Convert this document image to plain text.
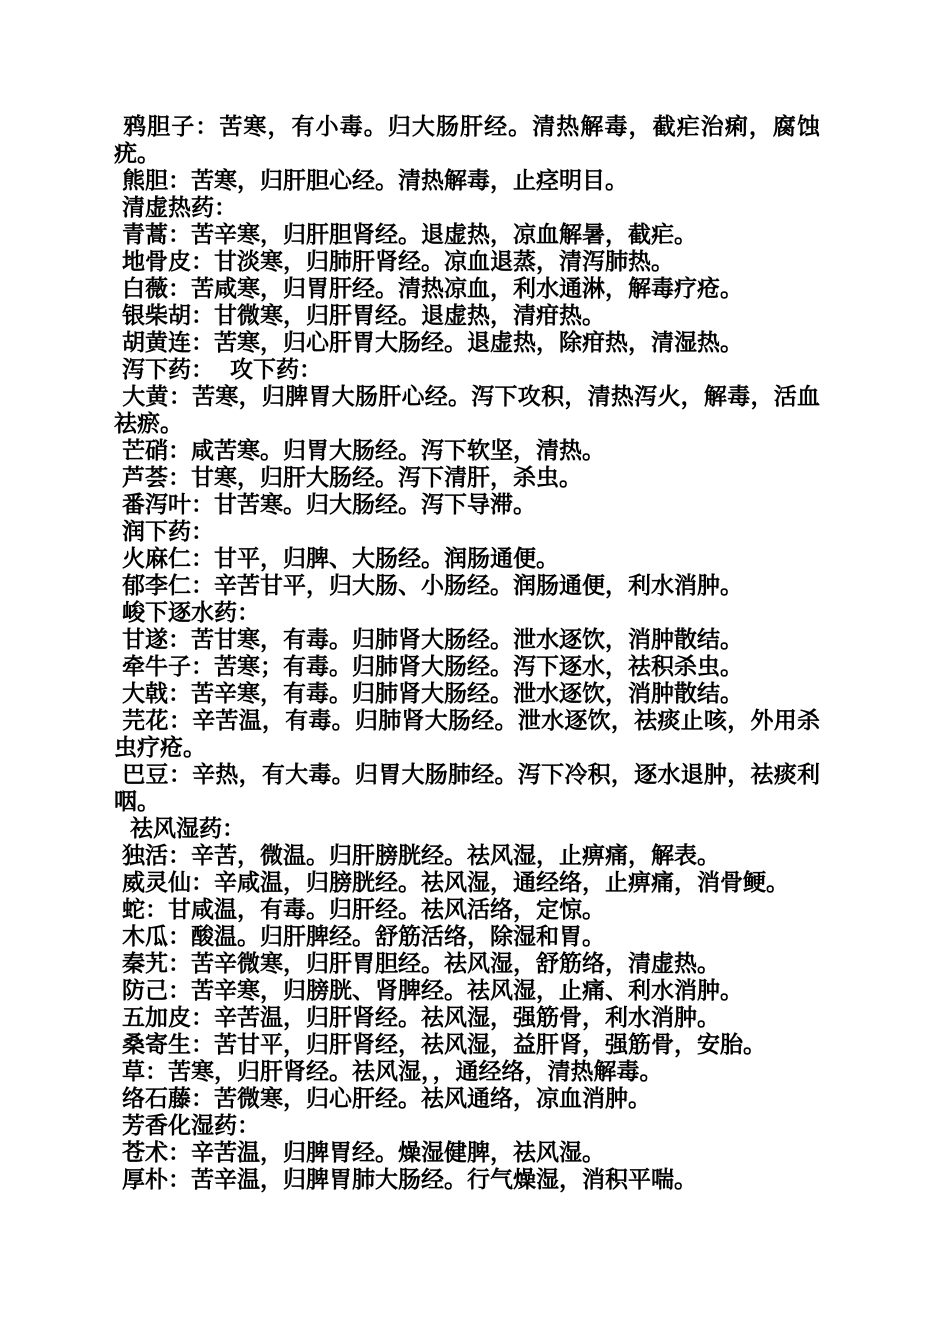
鸦胆子：苦寒，有小毒。归大肠肝经。清热解毒，截疟治痢，腐蚀疣。

熊胆：苦寒，归肝胆心经。清热解毒，止痉明目。

清虚热药：

青蒿：苦辛寒，归肝胆肾经。退虚热，凉血解暑，截疟。

地骨皮：甘淡寒，归肺肝肾经。凉血退蒸，清泻肺热。

白薇：苦咸寒，归胃肝经。清热凉血，利水通淋，解毒疗疮。

银柴胡：甘微寒，归肝胃经。退虚热，清疳热。

胡黄连：苦寒，归心肝胃大肠经。退虚热，除疳热，清湿热。

泻下药：  攻下药：

大黄：苦寒，归脾胃大肠肝心经。泻下攻积，清热泻火，解毒，活血祛瘀。

芒硝：咸苦寒。归胃大肠经。泻下软坚，清热。

芦荟：甘寒，归肝大肠经。泻下清肝，杀虫。

番泻叶：甘苦寒。归大肠经。泻下导滞。

润下药：

火麻仁：甘平，归脾、大肠经。润肠通便。

郁李仁：辛苦甘平，归大肠、小肠经。润肠通便，利水消肿。

峻下逐水药：

甘遂：苦甘寒，有毒。归肺肾大肠经。泄水逐饮，消肿散结。

牵牛子：苦寒；有毒。归肺肾大肠经。泻下逐水，祛积杀虫。

大戟：苦辛寒，有毒。归肺肾大肠经。泄水逐饮，消肿散结。

芫花：辛苦温，有毒。归肺肾大肠经。泄水逐饮，祛痰止咳，外用杀虫疗疮。

巴豆：辛热，有大毒。归胃大肠肺经。泻下冷积，逐水退肿，祛痰利咽。

祛风湿药：

独活：辛苦，微温。归肝膀胱经。祛风湿，止痹痛，解表。

威灵仙：辛咸温，归膀胱经。祛风湿，通经络，止痹痛，消骨鲠。

蛇：甘咸温，有毒。归肝经。祛风活络，定惊。

木瓜：酸温。归肝脾经。舒筋活络，除湿和胃。

秦艽：苦辛微寒，归肝胃胆经。祛风湿，舒筋络，清虚热。

防己：苦辛寒，归膀胱、肾脾经。祛风湿，止痛、利水消肿。

五加皮：辛苦温，归肝肾经。祛风湿，强筋骨，利水消肿。

桑寄生：苦甘平，归肝肾经，祛风湿，益肝肾，强筋骨，安胎。

草：苦寒，归肝肾经。祛风湿，，通经络，清热解毒。

络石藤：苦微寒，归心肝经。祛风通络，凉血消肿。

芳香化湿药：

苍术：辛苦温，归脾胃经。燥湿健脾，祛风湿。

厚朴：苦辛温，归脾胃肺大肠经。行气燥湿，消积平喘。
